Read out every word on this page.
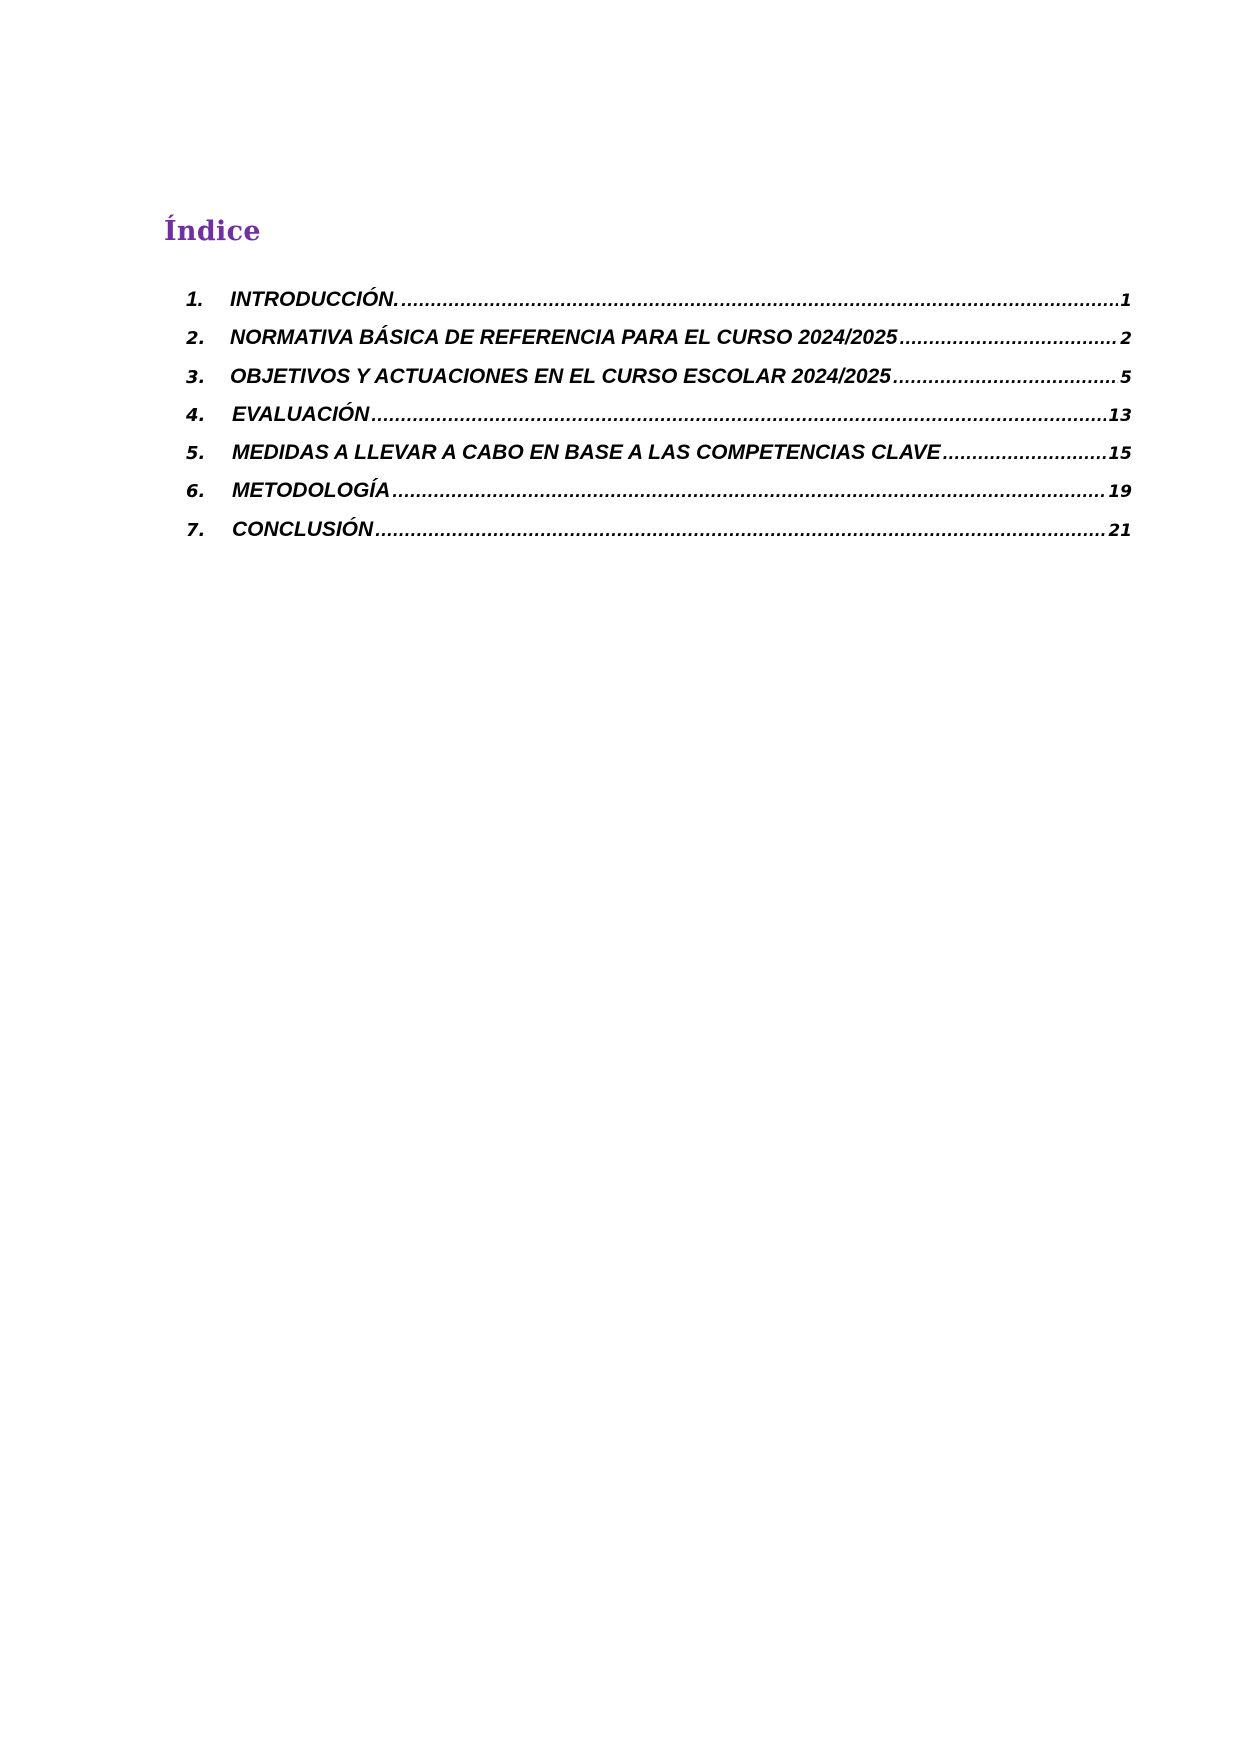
Índice
1.	INTRODUCCIÓN. .....	1
2.	NORMATIVA BÁSICA DE REFERENCIA PARA EL CURSO 2024/2025 .....	2
3.	OBJETIVOS Y ACTUACIONES EN EL CURSO ESCOLAR 2024/2025 .....	5
4.	EVALUACIÓN .....	13
5.	MEDIDAS A LLEVAR A CABO EN BASE A LAS COMPETENCIAS CLAVE .....	15
6.	METODOLOGÍA .....	19
7.	CONCLUSIÓN .....	21
